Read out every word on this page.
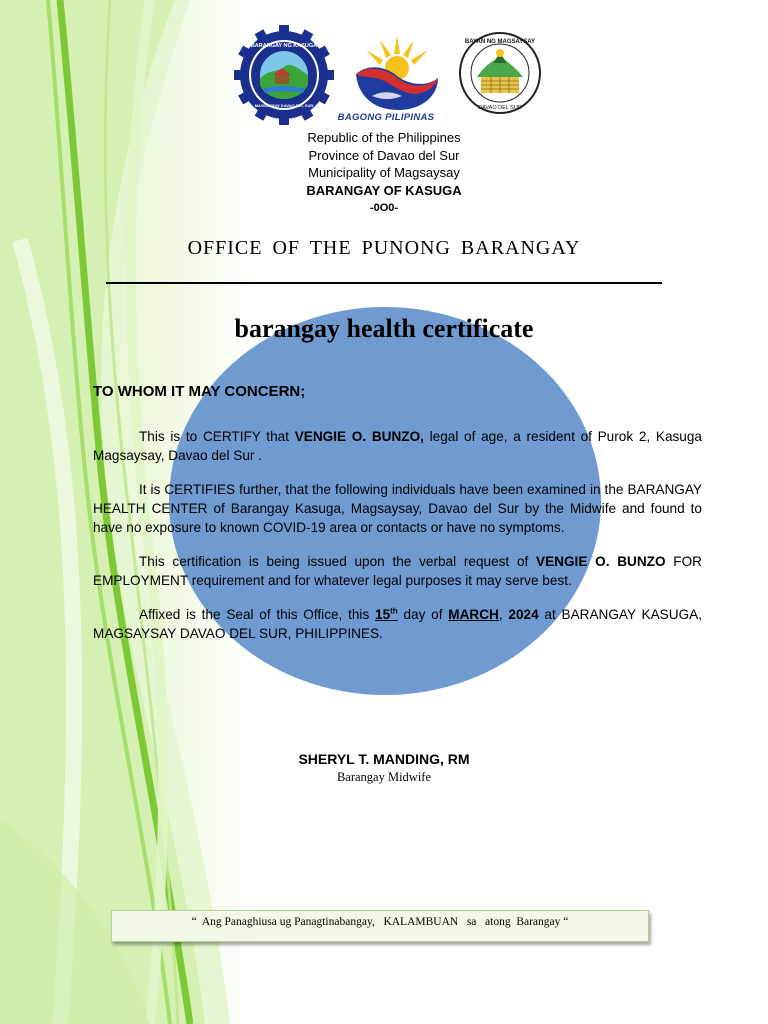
BARANGAY NG KASUGA
MAGSAYSAY DAVAO DEL SUR
BAGONG PILIPINAS
BAYAN NG MAGSAYSAY
DAVAO DEL SUR
Republic of the Philippines
Province of Davao del Sur
Municipality of Magsaysay
BARANGAY OF KASUGA
-0O0-
OFFICE OF THE PUNONG BARANGAY
barangay health certificate
TO WHOM IT MAY CONCERN;

This is to CERTIFY that VENGIE O. BUNZO, legal of age, a resident of Purok 2, Kasuga Magsaysay, Davao del Sur .

It is CERTIFIES further, that the following individuals have been examined in the BARANGAY HEALTH CENTER of Barangay Kasuga, Magsaysay, Davao del Sur by the Midwife and found to have no exposure to known COVID-19 area or contacts or have no symptoms.

This certification is being issued upon the verbal request of VENGIE O. BUNZO FOR EMPLOYMENT requirement and for whatever legal purposes it may serve best.

Affixed is the Seal of this Office, this 15th day of MARCH, 2024 at BARANGAY KASUGA, MAGSAYSAY DAVAO DEL SUR, PHILIPPINES.

SHERYL T. MANDING, RM
Barangay Midwife
“  Ang Panaghiusa ug Panagtinabangay,   KALAMBUAN   sa   atong  Barangay “
